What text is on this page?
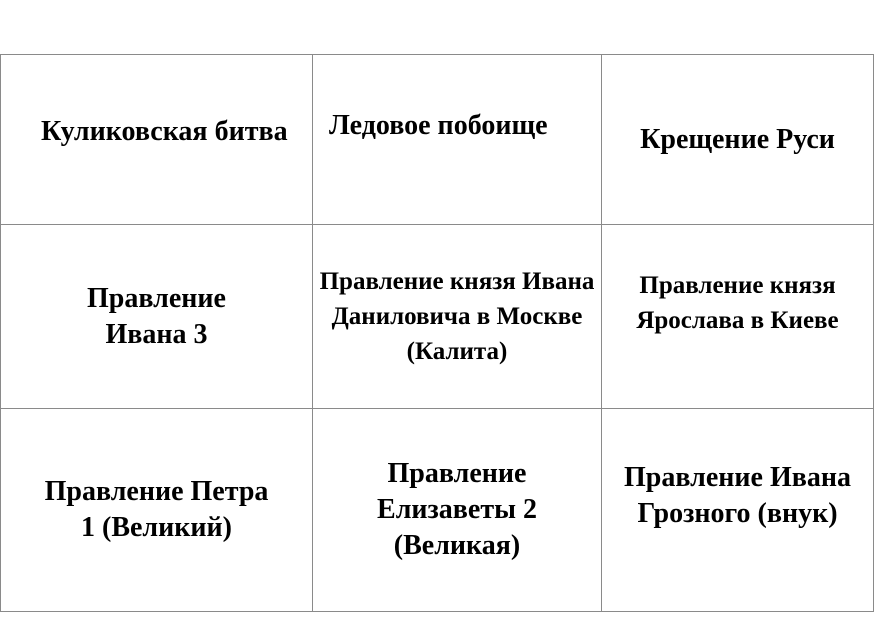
Куликовская битва	Ледовое побоище	Крещение Руси

Правление Ивана 3	Правление князя Ивана Даниловича в Москве (Калита)	Правление князя Ярослава в Киеве

Правление Петра 1 (Великий)	Правление Елизаветы 2 (Великая)	Правление Ивана Грозного (внук)
